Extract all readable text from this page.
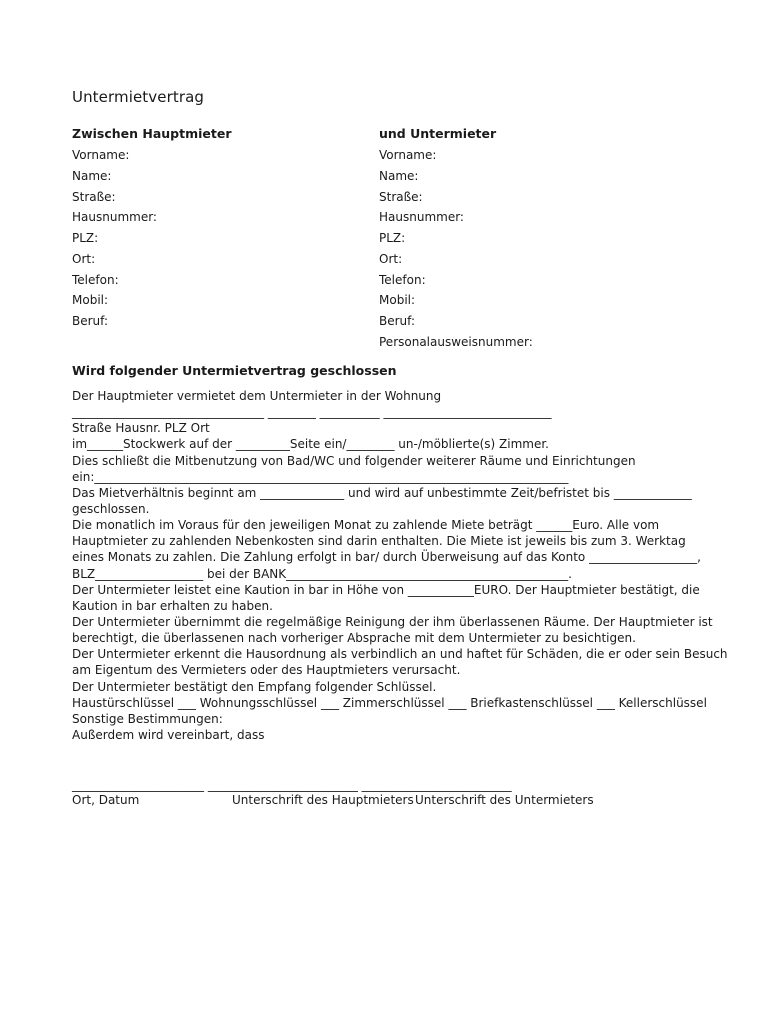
Untermietvertrag
Zwischen Hauptmieter
Vorname:
Name:
Straße:
Hausnummer:
PLZ:
Ort:
Telefon:
Mobil:
Beruf:
und Untermieter
Vorname:
Name:
Straße:
Hausnummer:
PLZ:
Ort:
Telefon:
Mobil:
Beruf:
Personalausweisnummer:
Wird folgender Untermietvertrag geschlossen
Der Hauptmieter vermietet dem Untermieter in der Wohnung
________________________________ ________ __________ ____________________________
Straße Hausnr. PLZ Ort
im______Stockwerk auf der _________Seite ein/________ un-/möblierte(s) Zimmer.
Dies schließt die Mitbenutzung von Bad/WC und folgender weiterer Räume und Einrichtungen
ein:_______________________________________________________________________________
Das Mietverhältnis beginnt am ______________ und wird auf unbestimmte Zeit/befristet bis _____________
geschlossen.
Die monatlich im Voraus für den jeweiligen Monat zu zahlende Miete beträgt ______Euro. Alle vom
Hauptmieter zu zahlenden Nebenkosten sind darin enthalten. Die Miete ist jeweils bis zum 3. Werktag
eines Monats zu zahlen. Die Zahlung erfolgt in bar/ durch Überweisung auf das Konto __________________,
BLZ__________________ bei der BANK_______________________________________________.
Der Untermieter leistet eine Kaution in bar in Höhe von ___________EURO. Der Hauptmieter bestätigt, die
Kaution in bar erhalten zu haben.
Der Untermieter übernimmt die regelmäßige Reinigung der ihm überlassenen Räume. Der Hauptmieter ist
berechtigt, die überlassenen nach vorheriger Absprache mit dem Untermieter zu besichtigen.
Der Untermieter erkennt die Hausordnung als verbindlich an und haftet für Schäden, die er oder sein Besuch
am Eigentum des Vermieters oder des Hauptmieters verursacht.
Der Untermieter bestätigt den Empfang folgender Schlüssel.
Haustürschlüssel ___ Wohnungsschlüssel ___ Zimmerschlüssel ___ Briefkastenschlüssel ___ Kellerschlüssel
Sonstige Bestimmungen:
Außerdem wird vereinbart, dass
______________________ _________________________ _________________________
Ort, Datum	Unterschrift des Hauptmieters Unterschrift des Untermieters
